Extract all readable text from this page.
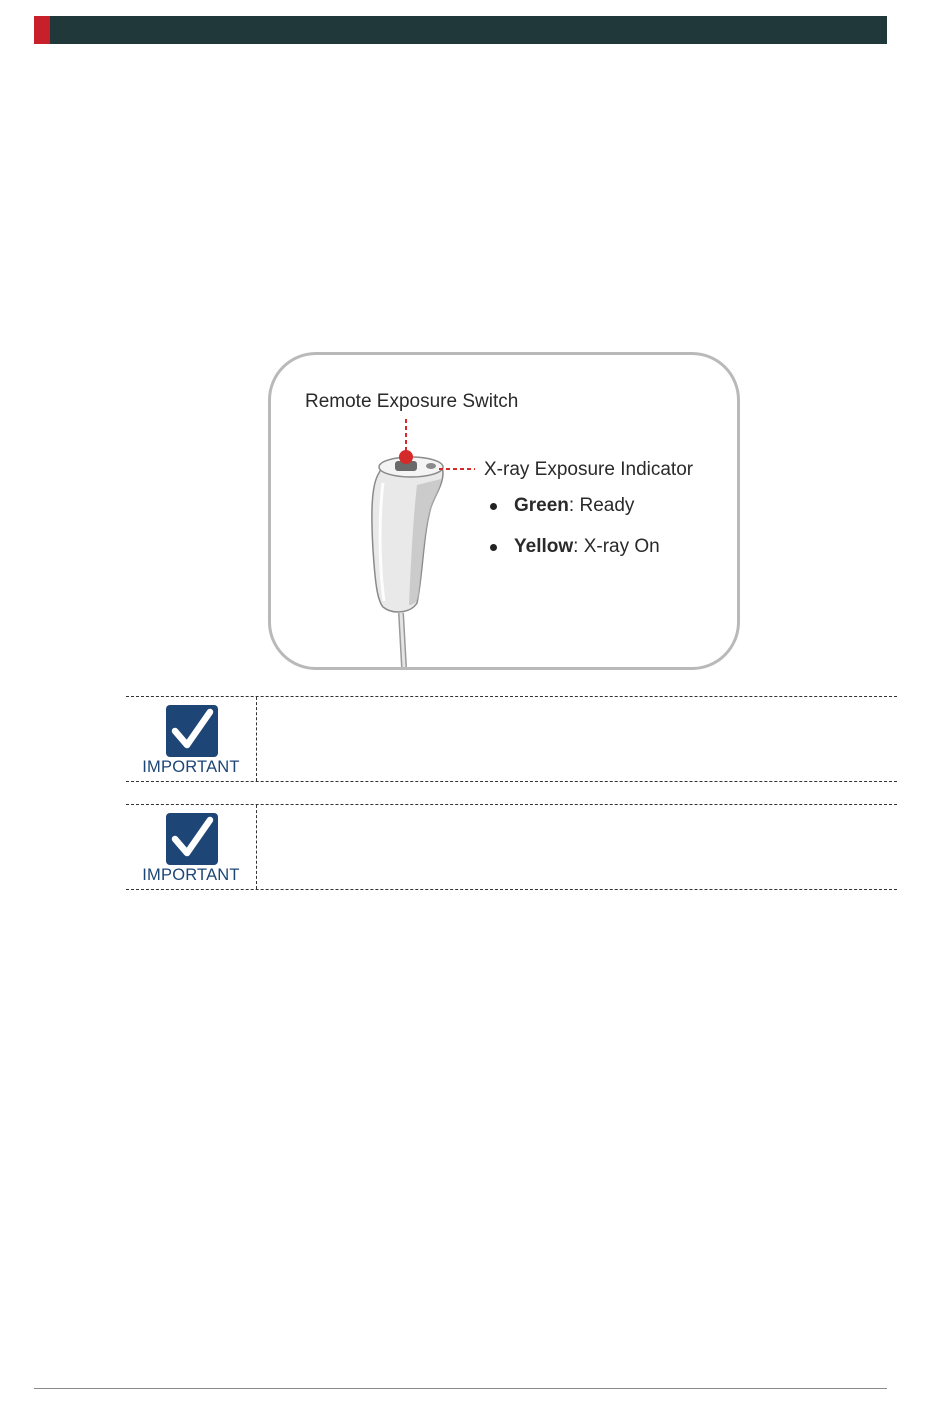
Remote Exposure Switch
X-ray Exposure Indicator
Green: Ready
Yellow: X-ray On
IMPORTANT
IMPORTANT
